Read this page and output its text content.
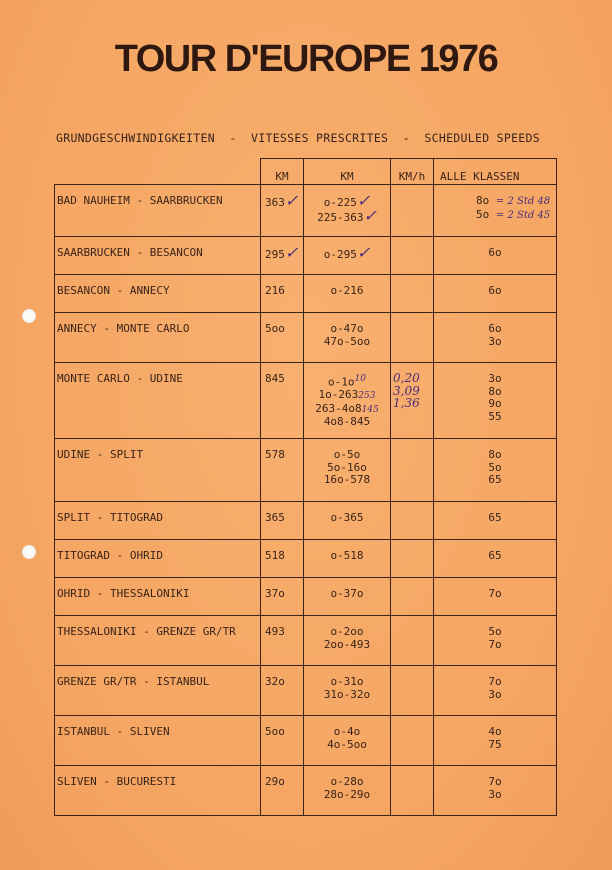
TOUR D'EUROPE 1976
GRUNDGESCHWINDIGKEITEN  -  VITESSES PRESCRITES  -  SCHEDULED SPEEDS
	KM	KM	KM/h	ALLE KLASSEN
BAD NAUHEIM - SAARBRUCKEN	363✓	o-225✓
225-363✓		8o = 2 Std 48
5o = 2 Std 45

SAARBRUCKEN - BESANCON	295✓	o-295✓		6o

BESANCON - ANNECY	216	o-216		6o

ANNECY - MONTE CARLO	5oo	o-47o
47o-5oo		6o
3o

MONTE CARLO - UDINE	845	$o-1o^{10}$
1o-263253
263-4o8145
4o8-845	0,20
3,09
1,36	3o
8o
9o
55

UDINE - SPLIT	578	o-5o
5o-16o
16o-578		8o
5o
65

SPLIT - TITOGRAD	365	o-365		65

TITOGRAD - OHRID	518	o-518		65

OHRID - THESSALONIKI	37o	o-37o		7o

THESSALONIKI - GRENZE GR/TR	493	o-2oo
2oo-493		5o
7o

GRENZE GR/TR - ISTANBUL	32o	o-31o
31o-32o		7o
3o

ISTANBUL - SLIVEN	5oo	o-4o
4o-5oo		4o
75

SLIVEN - BUCURESTI	29o	o-28o
28o-29o		7o
3o
